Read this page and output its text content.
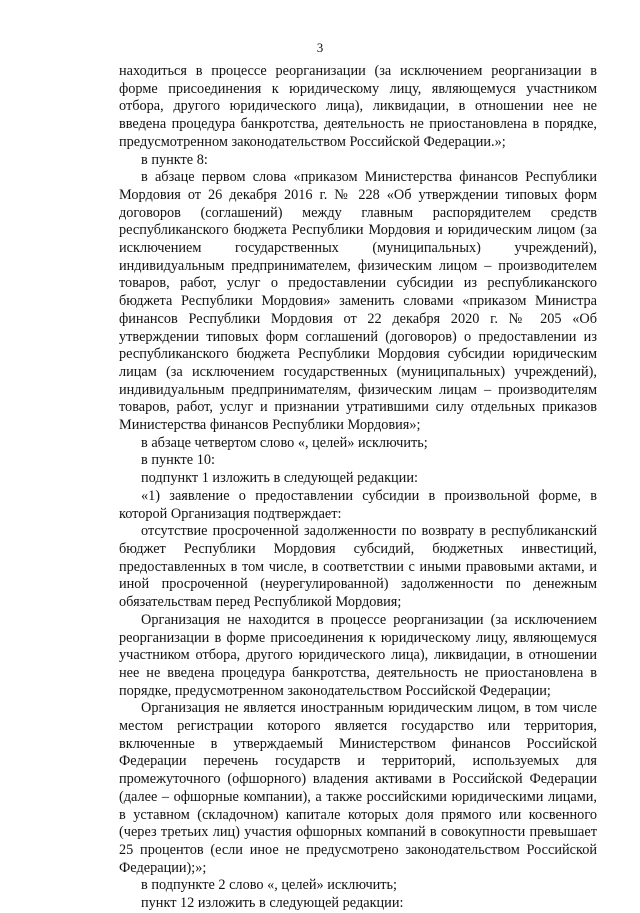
3

находиться в процессе реорганизации (за исключением реорганизации в форме присоединения к юридическому лицу, являющемуся участником отбора, другого юридического лица), ликвидации, в отношении нее не введена процедура банкротства, деятельность не приостановлена в порядке, предусмотренном законодательством Российской Федерации.»;

в пункте 8:

в абзаце первом слова «приказом Министерства финансов Республики Мордовия от 26 декабря 2016 г. № 228 «Об утверждении типовых форм договоров (соглашений) между главным распорядителем средств республиканского бюджета Республики Мордовия и юридическим лицом (за исключением государственных (муниципальных) учреждений), индивидуальным предпринимателем, физическим лицом – производителем товаров, работ, услуг о предоставлении субсидии из республиканского бюджета Республики Мордовия» заменить словами «приказом Министра финансов Республики Мордовия от 22 декабря 2020 г. № 205 «Об утверждении типовых форм соглашений (договоров) о предоставлении из республиканского бюджета Республики Мордовия субсидии юридическим лицам (за исключением государственных (муниципальных) учреждений), индивидуальным предпринимателям, физическим лицам – производителям товаров, работ, услуг и признании утратившими силу отдельных приказов Министерства финансов Республики Мордовия»;

в абзаце четвертом слово «, целей» исключить;

в пункте 10:

подпункт 1 изложить в следующей редакции:

«1) заявление о предоставлении субсидии в произвольной форме, в которой Организация подтверждает:

отсутствие просроченной задолженности по возврату в республиканский бюджет Республики Мордовия субсидий, бюджетных инвестиций, предоставленных в том числе, в соответствии с иными правовыми актами, и иной просроченной (неурегулированной) задолженности по денежным обязательствам перед Республикой Мордовия;

Организация не находится в процессе реорганизации (за исключением реорганизации в форме присоединения к юридическому лицу, являющемуся участником отбора, другого юридического лица), ликвидации, в отношении нее не введена процедура банкротства, деятельность не приостановлена в порядке, предусмотренном законодательством Российской Федерации;

Организация не является иностранным юридическим лицом, в том числе местом регистрации которого является государство или территория, включенные в утверждаемый Министерством финансов Российской Федерации перечень государств и территорий, используемых для промежуточного (офшорного) владения активами в Российской Федерации (далее – офшорные компании), а также российскими юридическими лицами, в уставном (складочном) капитале которых доля прямого или косвенного (через третьих лиц) участия офшорных компаний в совокупности превышает 25 процентов (если иное не предусмотрено законодательством Российской Федерации);»;

в подпункте 2 слово «, целей» исключить;

пункт 12 изложить в следующей редакции:
